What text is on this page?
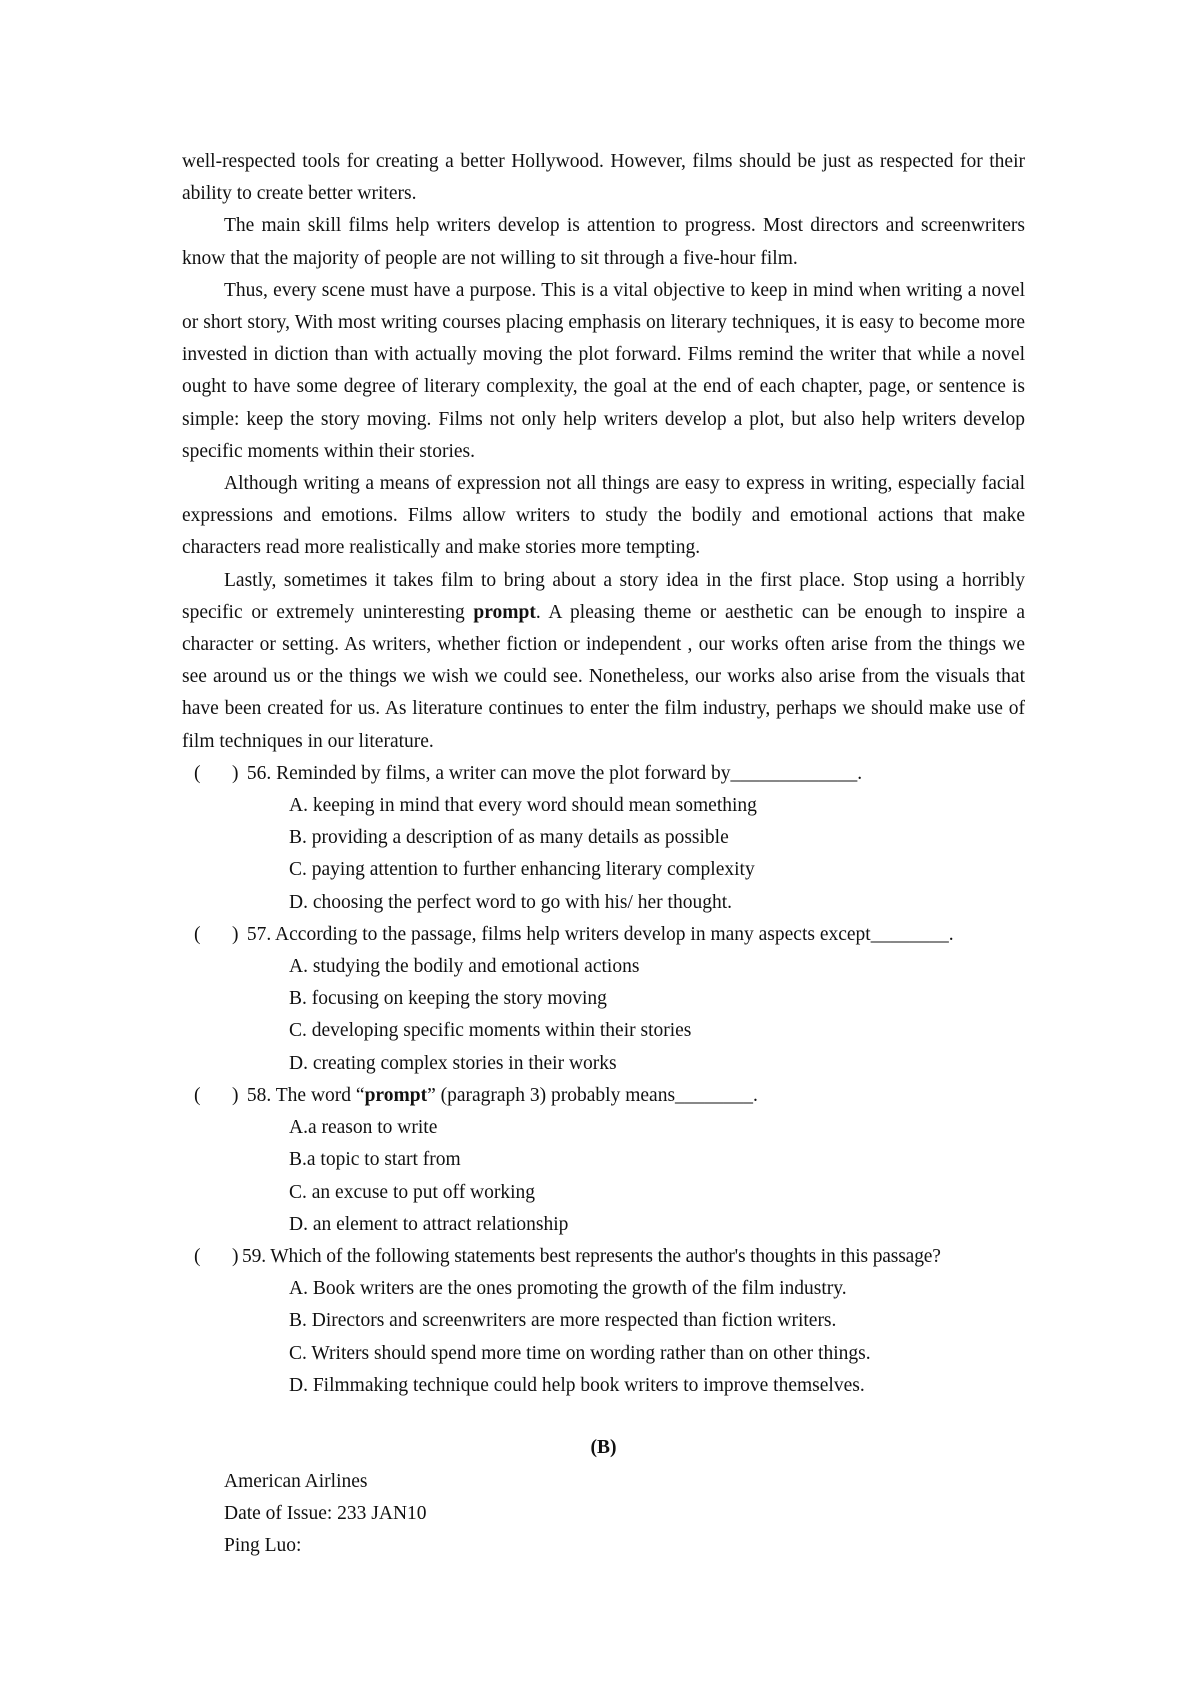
well-respected tools for creating a better Hollywood. However, films should be just as respected for their ability to create better writers.

The main skill films help writers develop is attention to progress. Most directors and screenwriters know that the majority of people are not willing to sit through a five-hour film.

Thus, every scene must have a purpose. This is a vital objective to keep in mind when writing a novel or short story, With most writing courses placing emphasis on literary techniques, it is easy to become more invested in diction than with actually moving the plot forward. Films remind the writer that while a novel ought to have some degree of literary complexity, the goal at the end of each chapter, page, or sentence is simple: keep the story moving. Films not only help writers develop a plot, but also help writers develop specific moments within their stories.

Although writing a means of expression not all things are easy to express in writing, especially facial expressions and emotions. Films allow writers to study the bodily and emotional actions that make characters read more realistically and make stories more tempting.

Lastly, sometimes it takes film to bring about a story idea in the first place. Stop using a horribly specific or extremely uninteresting prompt. A pleasing theme or aesthetic can be enough to inspire a character or setting. As writers, whether fiction or independent , our works often arise from the things we see around us or the things we wish we could see. Nonetheless, our works also arise from the visuals that have been created for us. As literature continues to enter the film industry, perhaps we should make use of film techniques in our literature.

( ) 56. Reminded by films, a writer can move the plot forward by_____________.

A. keeping in mind that every word should mean something

B. providing a description of as many details as possible

C. paying attention to further enhancing literary complexity

D. choosing the perfect word to go with his/ her thought.

( ) 57. According to the passage, films help writers develop in many aspects except________.

A. studying the bodily and emotional actions

B. focusing on keeping the story moving

C. developing specific moments within their stories

D. creating complex stories in their works

( ) 58. The word “prompt” (paragraph 3) probably means________.

A.a reason to write

B.a topic to start from

C. an excuse to put off working

D. an element to attract relationship

( ) 59. Which of the following statements best represents the author's thoughts in this passage?

A. Book writers are the ones promoting the growth of the film industry.

B. Directors and screenwriters are more respected than fiction writers.

C. Writers should spend more time on wording rather than on other things.

D. Filmmaking technique could help book writers to improve themselves.

(B)

American Airlines

Date of Issue: 233 JAN10

Ping Luo:
